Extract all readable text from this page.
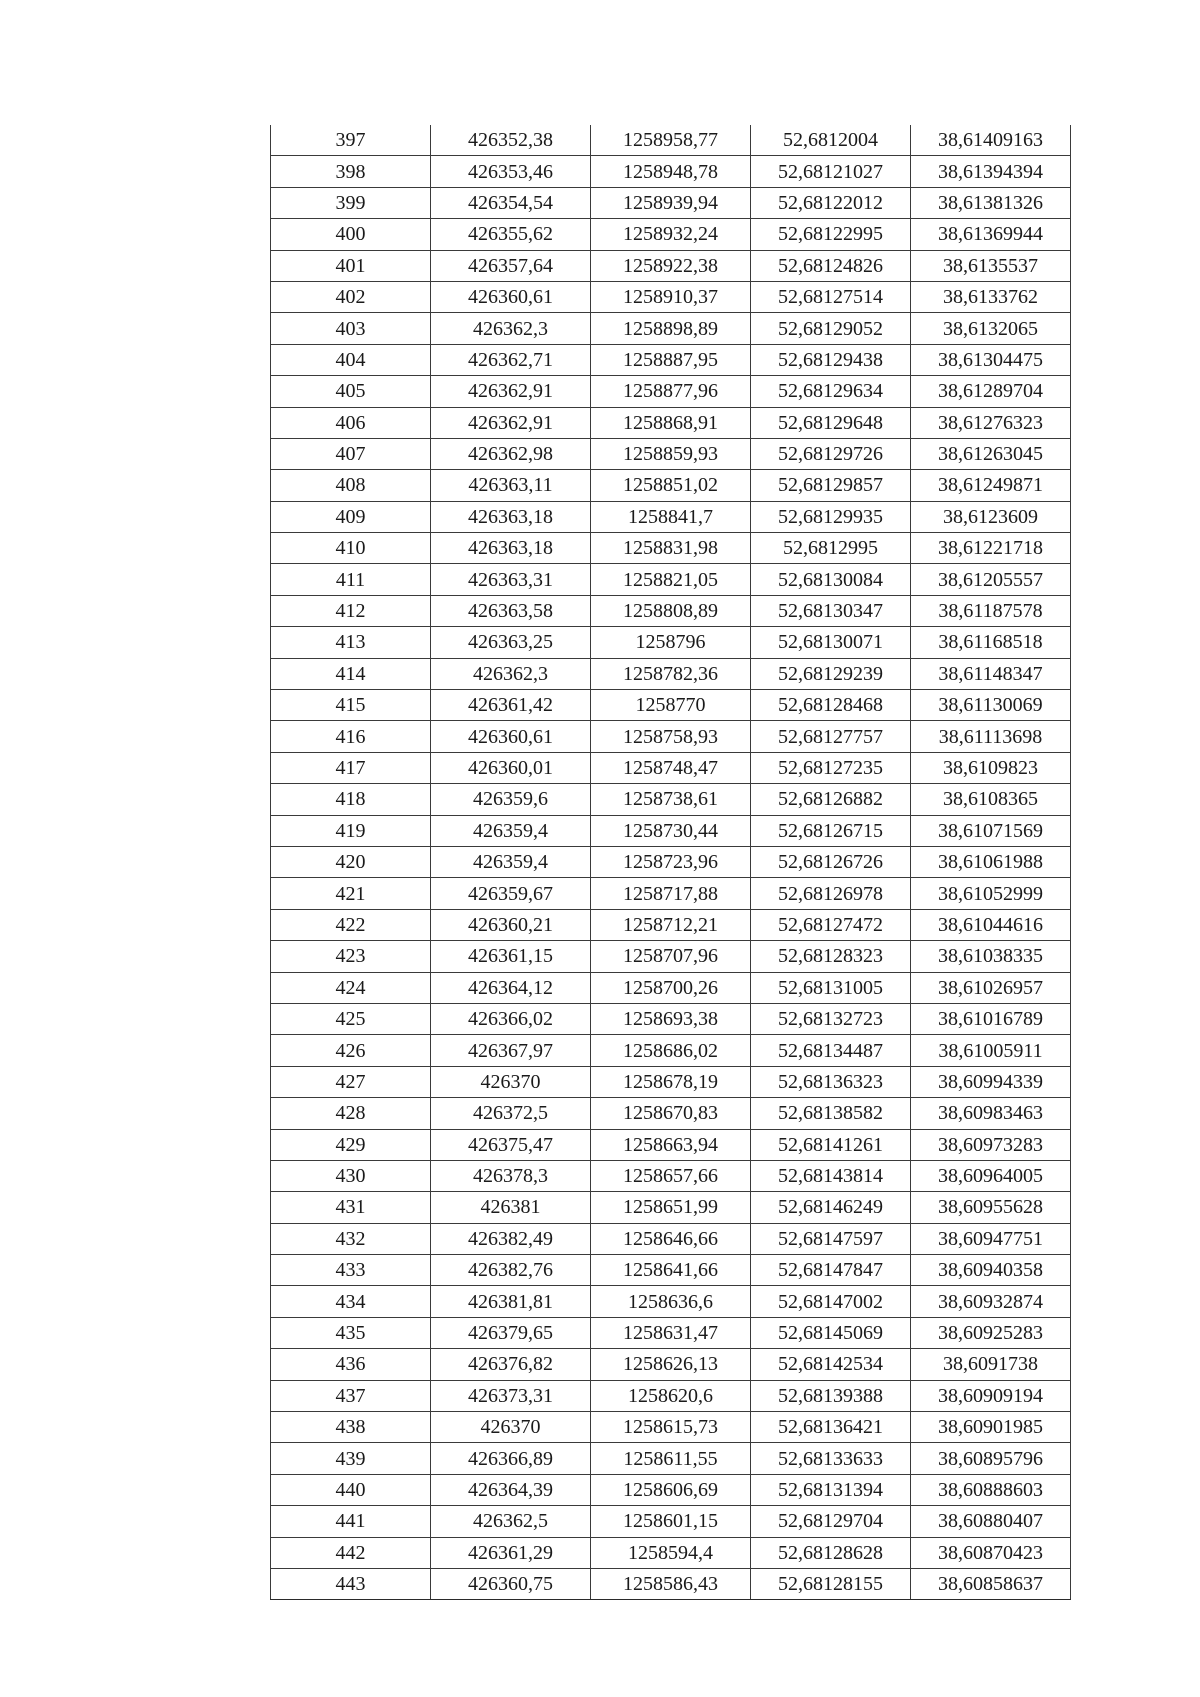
397	426352,38	1258958,77	52,6812004	38,61409163
398	426353,46	1258948,78	52,68121027	38,61394394
399	426354,54	1258939,94	52,68122012	38,61381326
400	426355,62	1258932,24	52,68122995	38,61369944
401	426357,64	1258922,38	52,68124826	38,6135537
402	426360,61	1258910,37	52,68127514	38,6133762
403	426362,3	1258898,89	52,68129052	38,6132065
404	426362,71	1258887,95	52,68129438	38,61304475
405	426362,91	1258877,96	52,68129634	38,61289704
406	426362,91	1258868,91	52,68129648	38,61276323
407	426362,98	1258859,93	52,68129726	38,61263045
408	426363,11	1258851,02	52,68129857	38,61249871
409	426363,18	1258841,7	52,68129935	38,6123609
410	426363,18	1258831,98	52,6812995	38,61221718
411	426363,31	1258821,05	52,68130084	38,61205557
412	426363,58	1258808,89	52,68130347	38,61187578
413	426363,25	1258796	52,68130071	38,61168518
414	426362,3	1258782,36	52,68129239	38,61148347
415	426361,42	1258770	52,68128468	38,61130069
416	426360,61	1258758,93	52,68127757	38,61113698
417	426360,01	1258748,47	52,68127235	38,6109823
418	426359,6	1258738,61	52,68126882	38,6108365
419	426359,4	1258730,44	52,68126715	38,61071569
420	426359,4	1258723,96	52,68126726	38,61061988
421	426359,67	1258717,88	52,68126978	38,61052999
422	426360,21	1258712,21	52,68127472	38,61044616
423	426361,15	1258707,96	52,68128323	38,61038335
424	426364,12	1258700,26	52,68131005	38,61026957
425	426366,02	1258693,38	52,68132723	38,61016789
426	426367,97	1258686,02	52,68134487	38,61005911
427	426370	1258678,19	52,68136323	38,60994339
428	426372,5	1258670,83	52,68138582	38,60983463
429	426375,47	1258663,94	52,68141261	38,60973283
430	426378,3	1258657,66	52,68143814	38,60964005
431	426381	1258651,99	52,68146249	38,60955628
432	426382,49	1258646,66	52,68147597	38,60947751
433	426382,76	1258641,66	52,68147847	38,60940358
434	426381,81	1258636,6	52,68147002	38,60932874
435	426379,65	1258631,47	52,68145069	38,60925283
436	426376,82	1258626,13	52,68142534	38,6091738
437	426373,31	1258620,6	52,68139388	38,60909194
438	426370	1258615,73	52,68136421	38,60901985
439	426366,89	1258611,55	52,68133633	38,60895796
440	426364,39	1258606,69	52,68131394	38,60888603
441	426362,5	1258601,15	52,68129704	38,60880407
442	426361,29	1258594,4	52,68128628	38,60870423
443	426360,75	1258586,43	52,68128155	38,60858637
